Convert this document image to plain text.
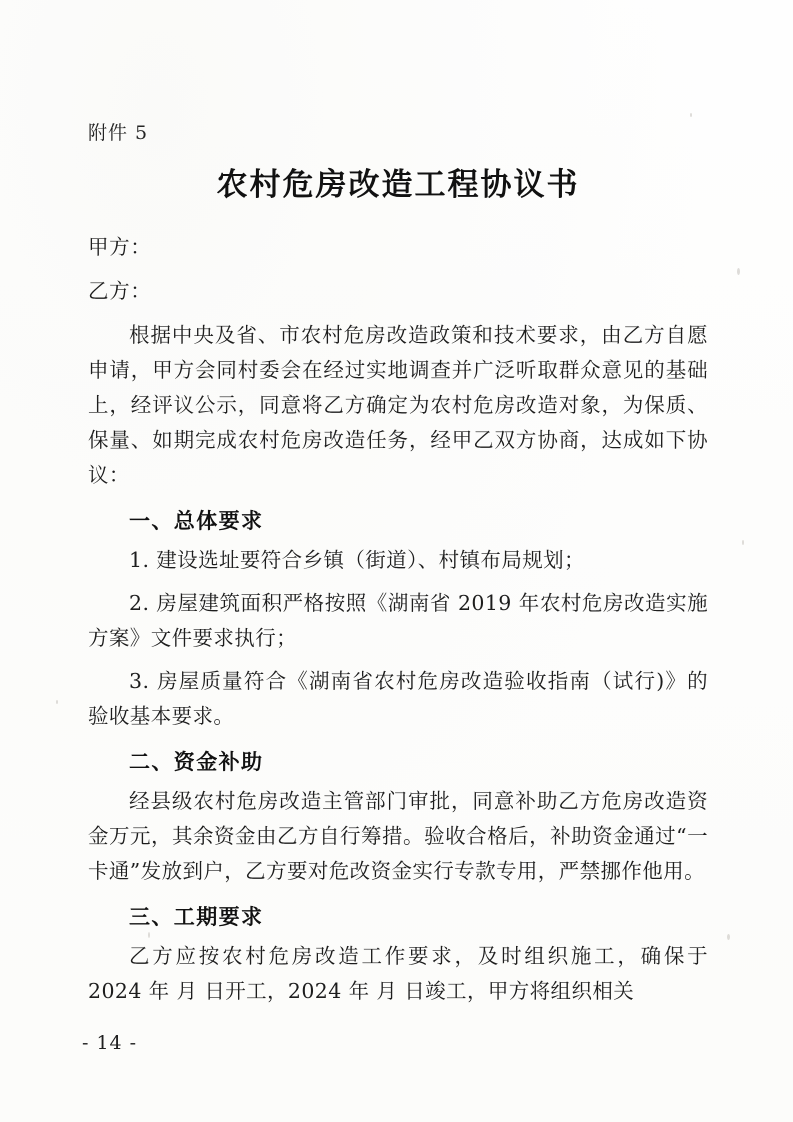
附件 5
农村危房改造工程协议书
甲方：
乙方：

根据中央及省、市农村危房改造政策和技术要求，由乙方自愿申请，甲方会同村委会在经过实地调查并广泛听取群众意见的基础上，经评议公示，同意将乙方确定为农村危房改造对象，为保质、保量、如期完成农村危房改造任务，经甲乙双方协商，达成如下协议：

一、总体要求
1. 建设选址要符合乡镇（街道）、村镇布局规划；
2. 房屋建筑面积严格按照《湖南省 2019 年农村危房改造实施方案》文件要求执行；
3. 房屋质量符合《湖南省农村危房改造验收指南（试行)》的验收基本要求。
二、资金补助

经县级农村危房改造主管部门审批，同意补助乙方危房改造资金万元，其余资金由乙方自行筹措。验收合格后，补助资金通过“一卡通”发放到户，乙方要对危改资金实行专款专用，严禁挪作他用。

三、工期要求

乙方应按农村危房改造工作要求，及时组织施工，确保于 2024 年 月 日开工，2024 年 月 日竣工，甲方将组织相关

- 14 -
